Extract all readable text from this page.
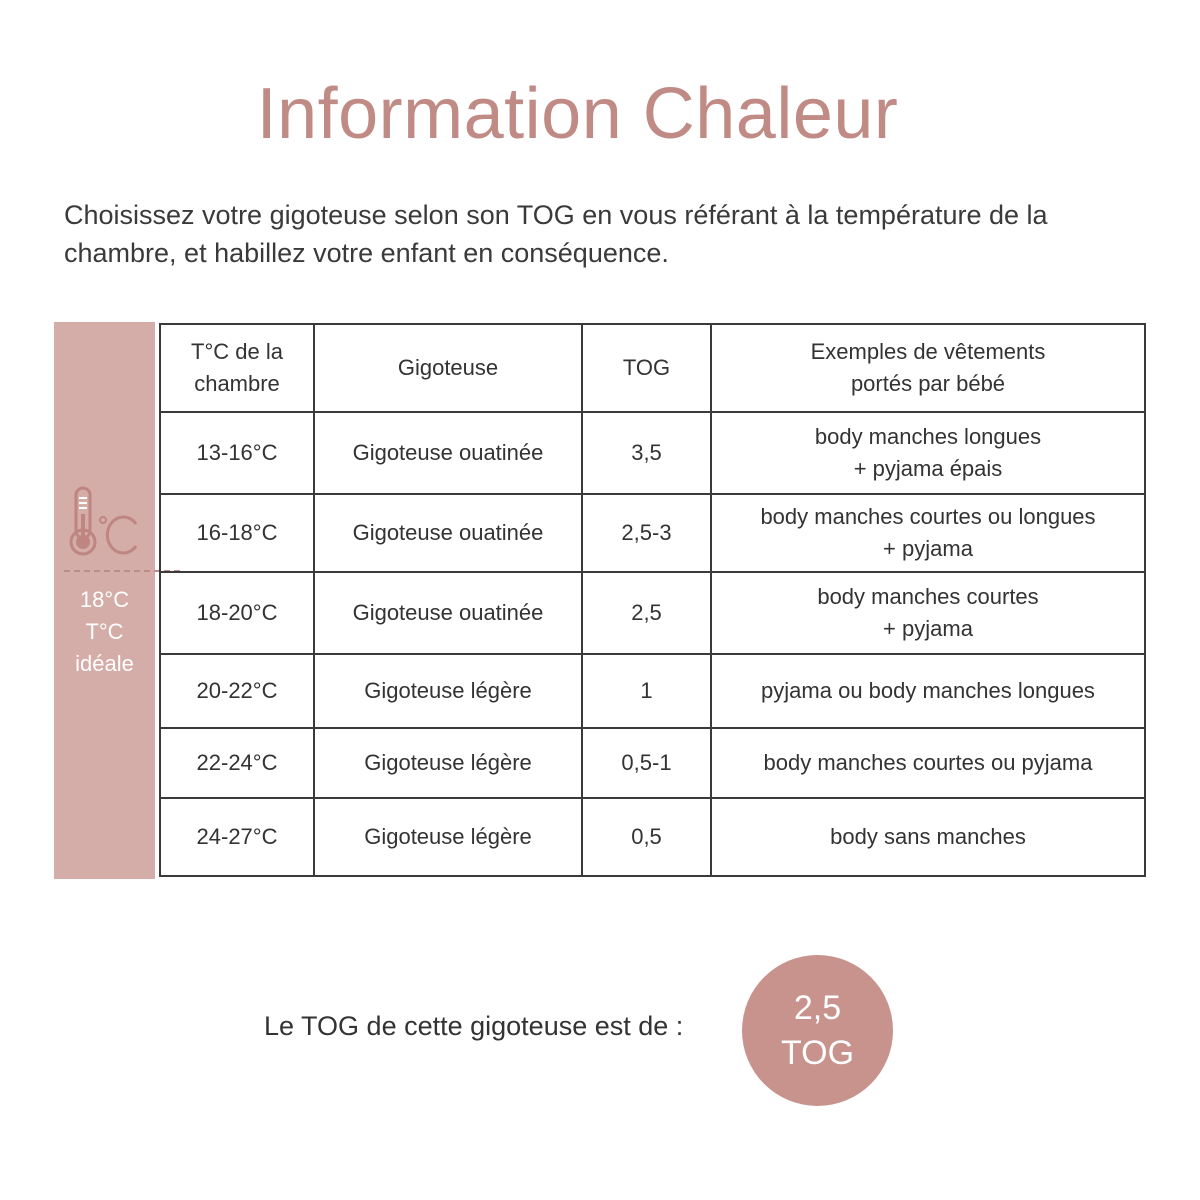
Information Chaleur

Choisissez votre gigoteuse selon son TOG en vous référant à la température de la chambre, et habillez votre enfant en conséquence.

18°C
T°C
idéale
T°C de la
chambre	Gigoteuse	TOG	Exemples de vêtements
portés par bébé

13-16°C	Gigoteuse ouatinée	3,5	body manches longues
+ pyjama épais

16-18°C	Gigoteuse ouatinée	2,5-3	body manches courtes ou longues
+ pyjama

18-20°C	Gigoteuse ouatinée	2,5	body manches courtes
+ pyjama

20-22°C	Gigoteuse légère	1	pyjama ou body manches longues
22-24°C	Gigoteuse légère	0,5-1	body manches courtes ou pyjama
24-27°C	Gigoteuse légère	0,5	body sans manches

Le TOG de cette gigoteuse est de :	2,5
TOG
